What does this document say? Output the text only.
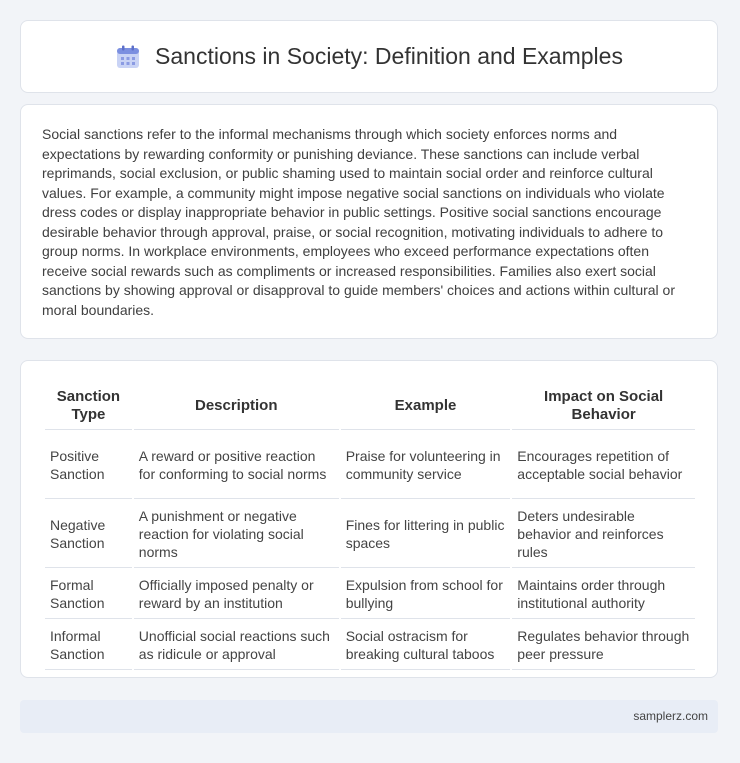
Sanctions in Society: Definition and Examples

Social sanctions refer to the informal mechanisms through which society enforces norms and expectations by rewarding conformity or punishing deviance. These sanctions can include verbal reprimands, social exclusion, or public shaming used to maintain social order and reinforce cultural values. For example, a community might impose negative social sanctions on individuals who violate dress codes or display inappropriate behavior in public settings. Positive social sanctions encourage desirable behavior through approval, praise, or social recognition, motivating individuals to adhere to group norms. In workplace environments, employees who exceed performance expectations often receive social rewards such as compliments or increased responsibilities. Families also exert social sanctions by showing approval or disapproval to guide members' choices and actions within cultural or moral boundaries.

Sanction Type	Description	Example	Impact on Social Behavior
Positive Sanction	A reward or positive reaction for conforming to social norms	Praise for volunteering in community service	Encourages repetition of acceptable social behavior
Negative Sanction	A punishment or negative reaction for violating social norms	Fines for littering in public spaces	Deters undesirable behavior and reinforces rules
Formal Sanction	Officially imposed penalty or reward by an institution	Expulsion from school for bullying	Maintains order through institutional authority
Informal Sanction	Unofficial social reactions such as ridicule or approval	Social ostracism for breaking cultural taboos	Regulates behavior through peer pressure
samplerz.com
